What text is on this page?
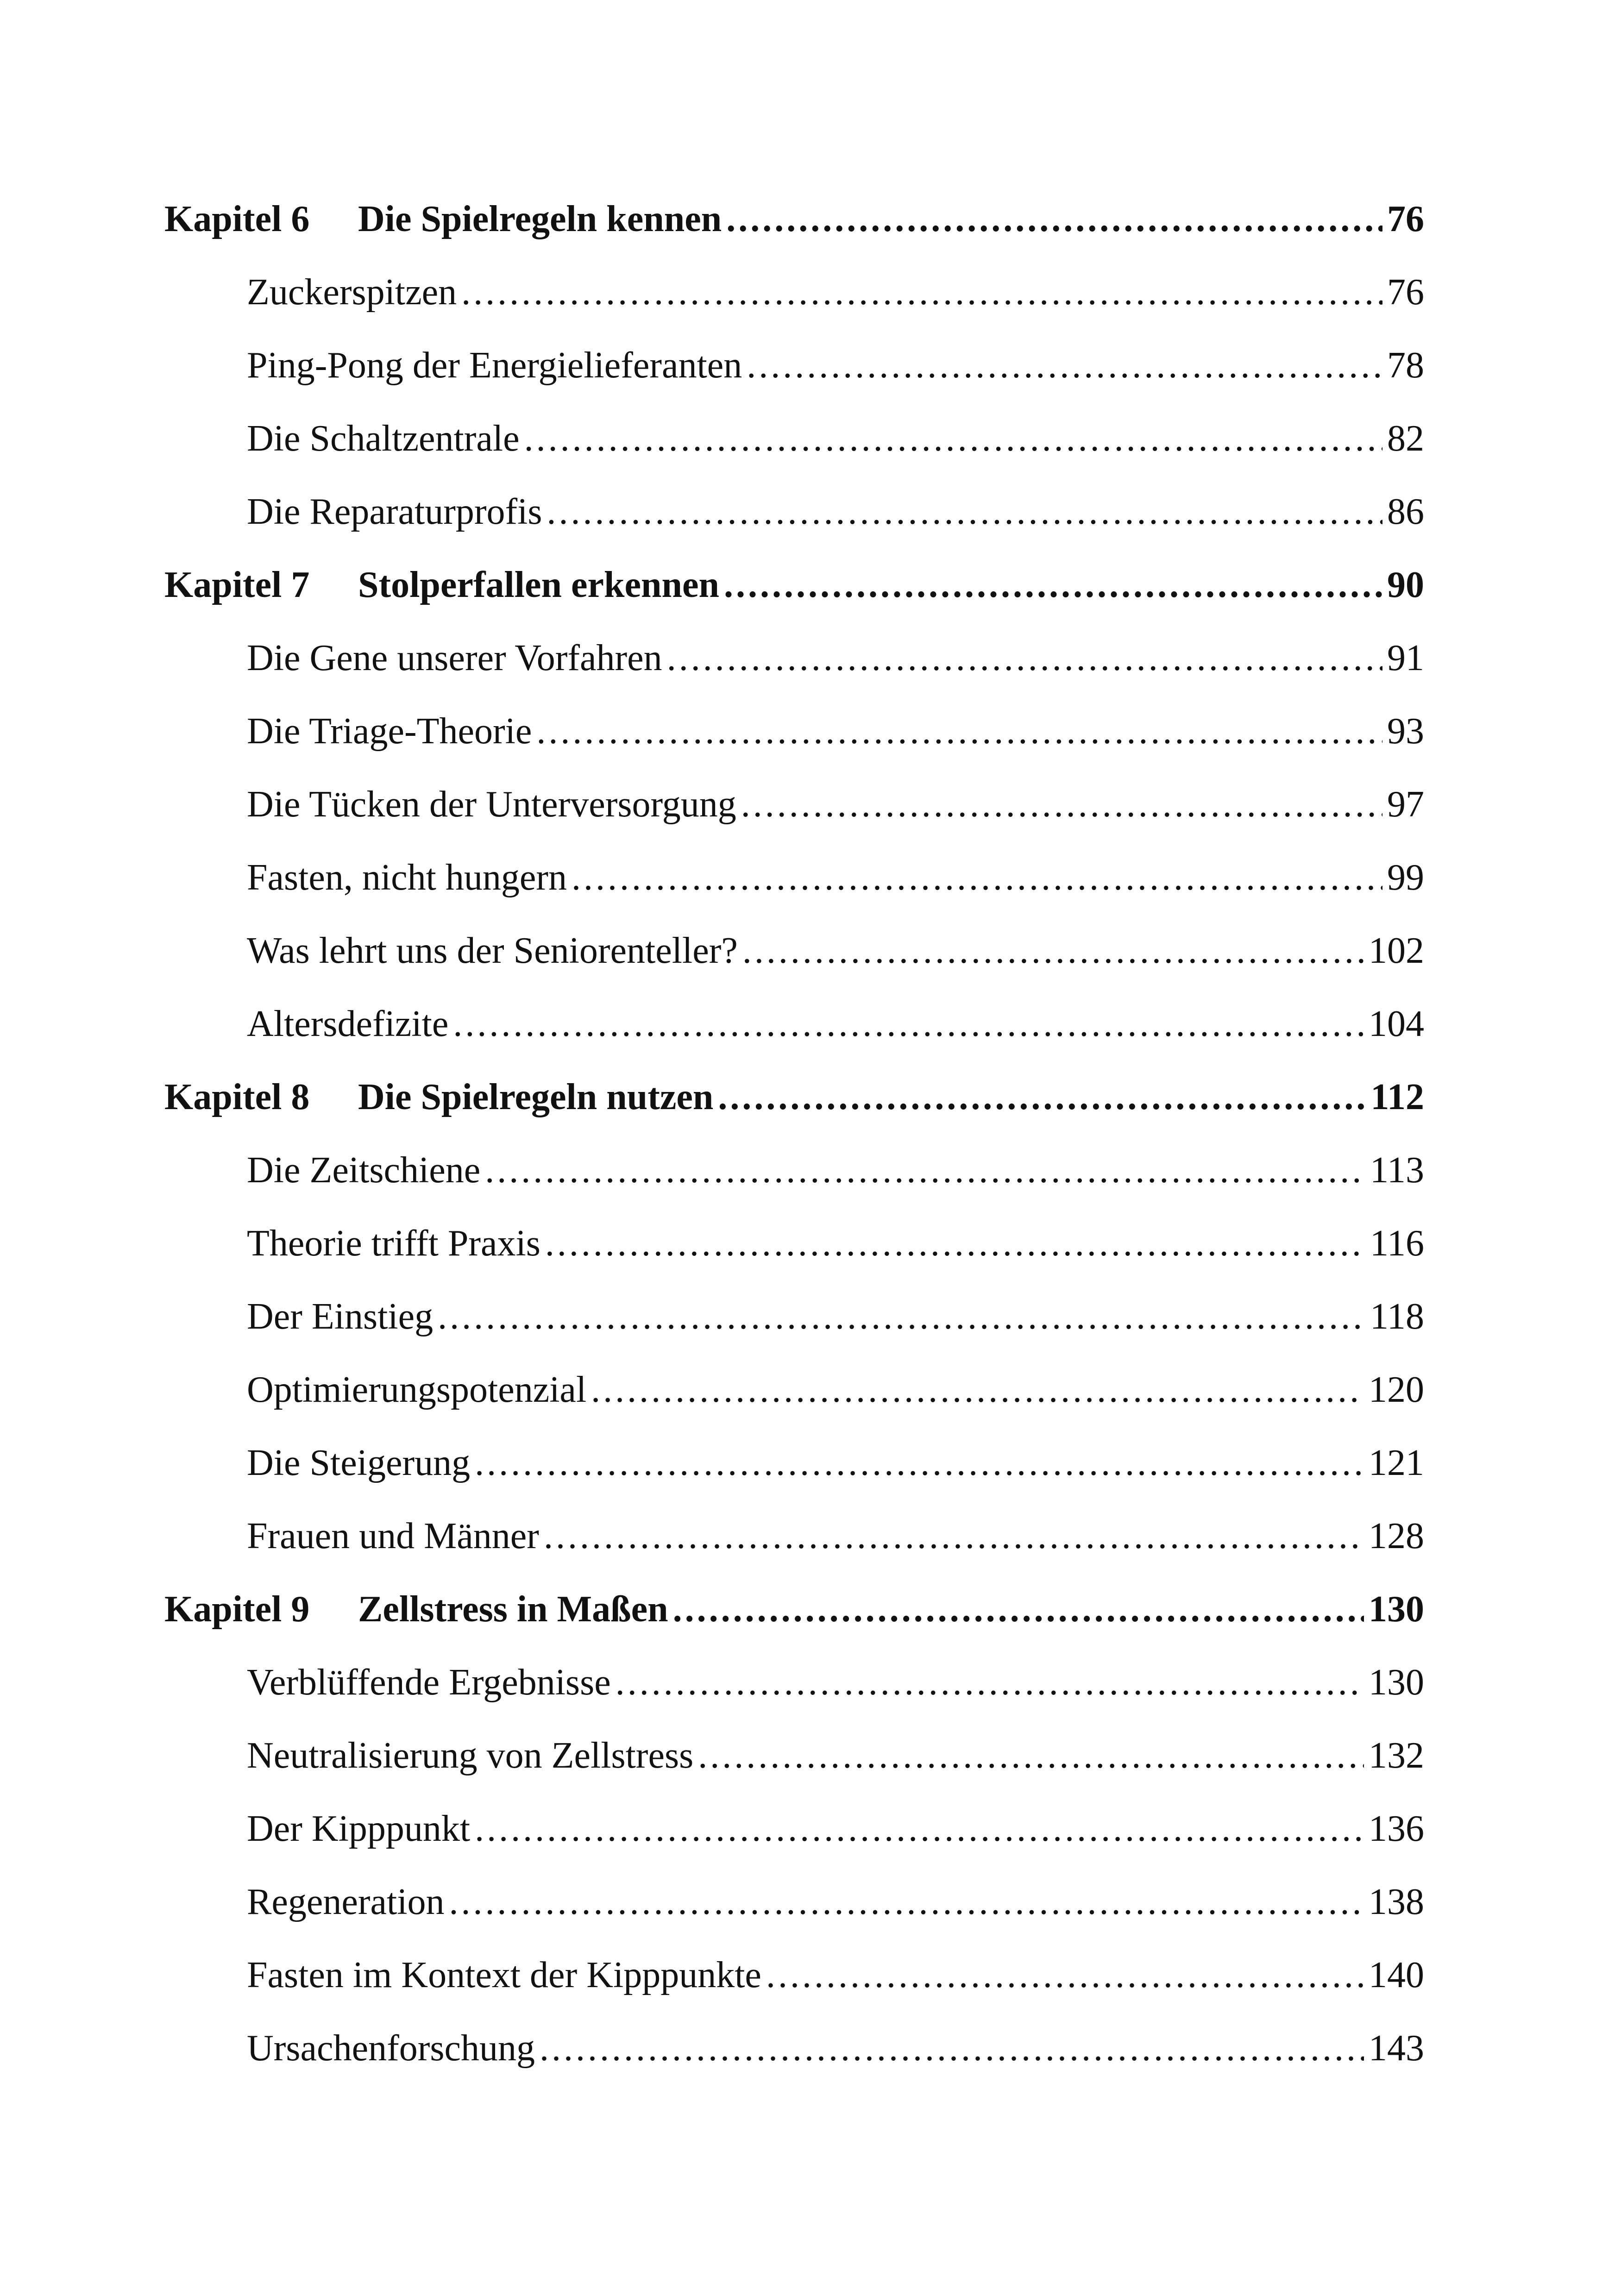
Kapitel 6	Die Spielregeln kennen .....	76
Zuckerspitzen .....	76
Ping-Pong der Energielieferanten .....	78
Die Schaltzentrale .....	82
Die Reparaturprofis .....	86
Kapitel 7	Stolperfallen erkennen .....	90
Die Gene unserer Vorfahren .....	91
Die Triage-Theorie .....	93
Die Tücken der Unterversorgung .....	97
Fasten, nicht hungern .....	99
Was lehrt uns der Seniorenteller? .....	102
Altersdefizite .....	104
Kapitel 8	Die Spielregeln nutzen .....	112
Die Zeitschiene .....	113
Theorie trifft Praxis .....	116
Der Einstieg .....	118
Optimierungspotenzial .....	120
Die Steigerung .....	121
Frauen und Männer .....	128
Kapitel 9	Zellstress in Maßen .....	130
Verblüffende Ergebnisse .....	130
Neutralisierung von Zellstress .....	132
Der Kipppunkt .....	136
Regeneration .....	138
Fasten im Kontext der Kipppunkte .....	140
Ursachenforschung .....	143
